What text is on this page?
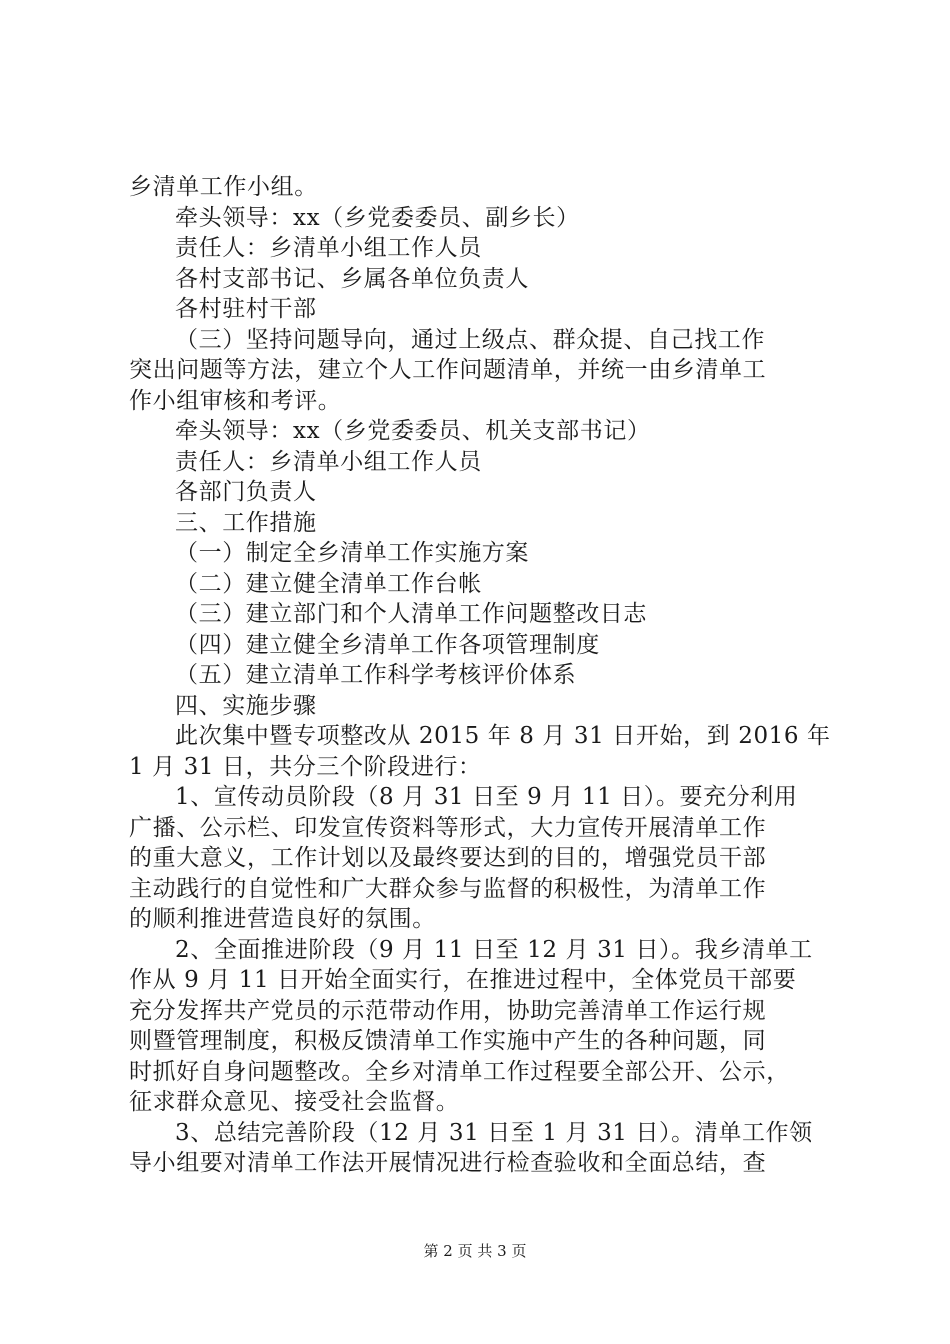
乡清单工作小组。
牵头领导：xx（乡党委委员、副乡长）
责任人：乡清单小组工作人员
各村支部书记、乡属各单位负责人
各村驻村干部
（三）坚持问题导向，通过上级点、群众提、自己找工作
突出问题等方法，建立个人工作问题清单，并统一由乡清单工
作小组审核和考评。
牵头领导：xx（乡党委委员、机关支部书记）
责任人：乡清单小组工作人员
各部门负责人
三、工作措施
（一）制定全乡清单工作实施方案
（二）建立健全清单工作台帐
（三）建立部门和个人清单工作问题整改日志
（四）建立健全乡清单工作各项管理制度
（五）建立清单工作科学考核评价体系
四、实施步骤
此次集中暨专项整改从 2015 年 8 月 31 日开始，到 2016 年
1 月 31 日，共分三个阶段进行：
1、宣传动员阶段（8 月 31 日至 9 月 11 日）。要充分利用
广播、公示栏、印发宣传资料等形式，大力宣传开展清单工作
的重大意义，工作计划以及最终要达到的目的，增强党员干部
主动践行的自觉性和广大群众参与监督的积极性，为清单工作
的顺利推进营造良好的氛围。
2、全面推进阶段（9 月 11 日至 12 月 31 日）。我乡清单工
作从 9 月 11 日开始全面实行，在推进过程中，全体党员干部要
充分发挥共产党员的示范带动作用，协助完善清单工作运行规
则暨管理制度，积极反馈清单工作实施中产生的各种问题，同
时抓好自身问题整改。全乡对清单工作过程要全部公开、公示，
征求群众意见、接受社会监督。
3、总结完善阶段（12 月 31 日至 1 月 31 日）。清单工作领
导小组要对清单工作法开展情况进行检查验收和全面总结，查
第 2 页 共 3 页
